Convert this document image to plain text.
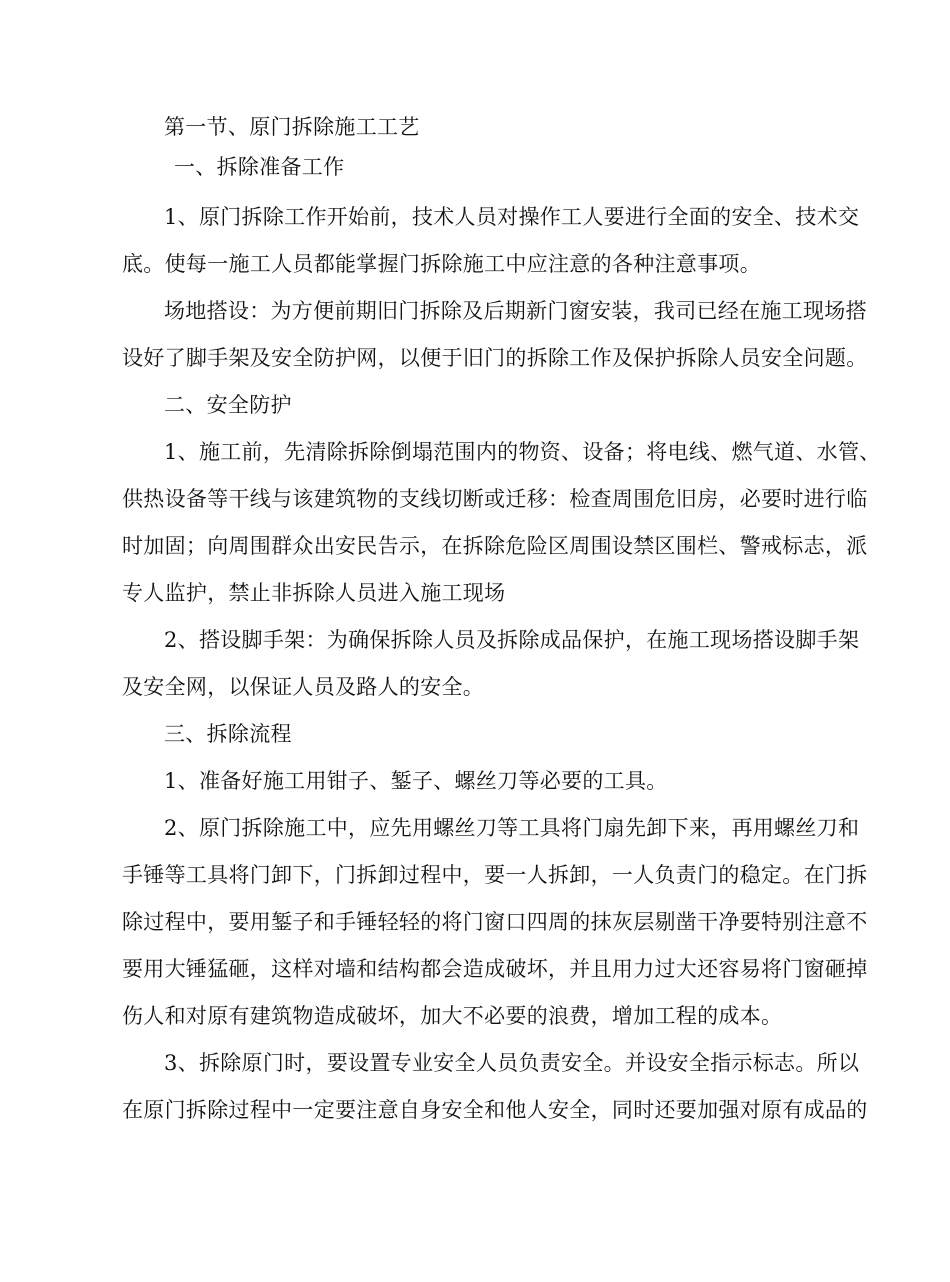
第一节、原门拆除施工工艺
一、拆除准备工作
1、原门拆除工作开始前，技术人员对操作工人要进行全面的安全、技术交
底。使每一施工人员都能掌握门拆除施工中应注意的各种注意事项。
场地搭设：为方便前期旧门拆除及后期新门窗安装，我司已经在施工现场搭
设好了脚手架及安全防护网，以便于旧门的拆除工作及保护拆除人员安全问题。
二、安全防护
1、施工前，先清除拆除倒塌范围内的物资、设备；将电线、燃气道、水管、
供热设备等干线与该建筑物的支线切断或迁移：检查周围危旧房，必要时进行临
时加固；向周围群众出安民告示，在拆除危险区周围设禁区围栏、警戒标志，派
专人监护，禁止非拆除人员进入施工现场
2、搭设脚手架：为确保拆除人员及拆除成品保护，在施工现场搭设脚手架
及安全网，以保证人员及路人的安全。
三、拆除流程
1、准备好施工用钳子、錾子、螺丝刀等必要的工具。
2、原门拆除施工中，应先用螺丝刀等工具将门扇先卸下来，再用螺丝刀和
手锤等工具将门卸下，门拆卸过程中，要一人拆卸，一人负责门的稳定。在门拆
除过程中，要用錾子和手锤轻轻的将门窗口四周的抹灰层剔凿干净要特别注意不
要用大锤猛砸，这样对墙和结构都会造成破坏，并且用力过大还容易将门窗砸掉
伤人和对原有建筑物造成破坏，加大不必要的浪费，增加工程的成本。
3、拆除原门时，要设置专业安全人员负责安全。并设安全指示标志。所以
在原门拆除过程中一定要注意自身安全和他人安全，同时还要加强对原有成品的
